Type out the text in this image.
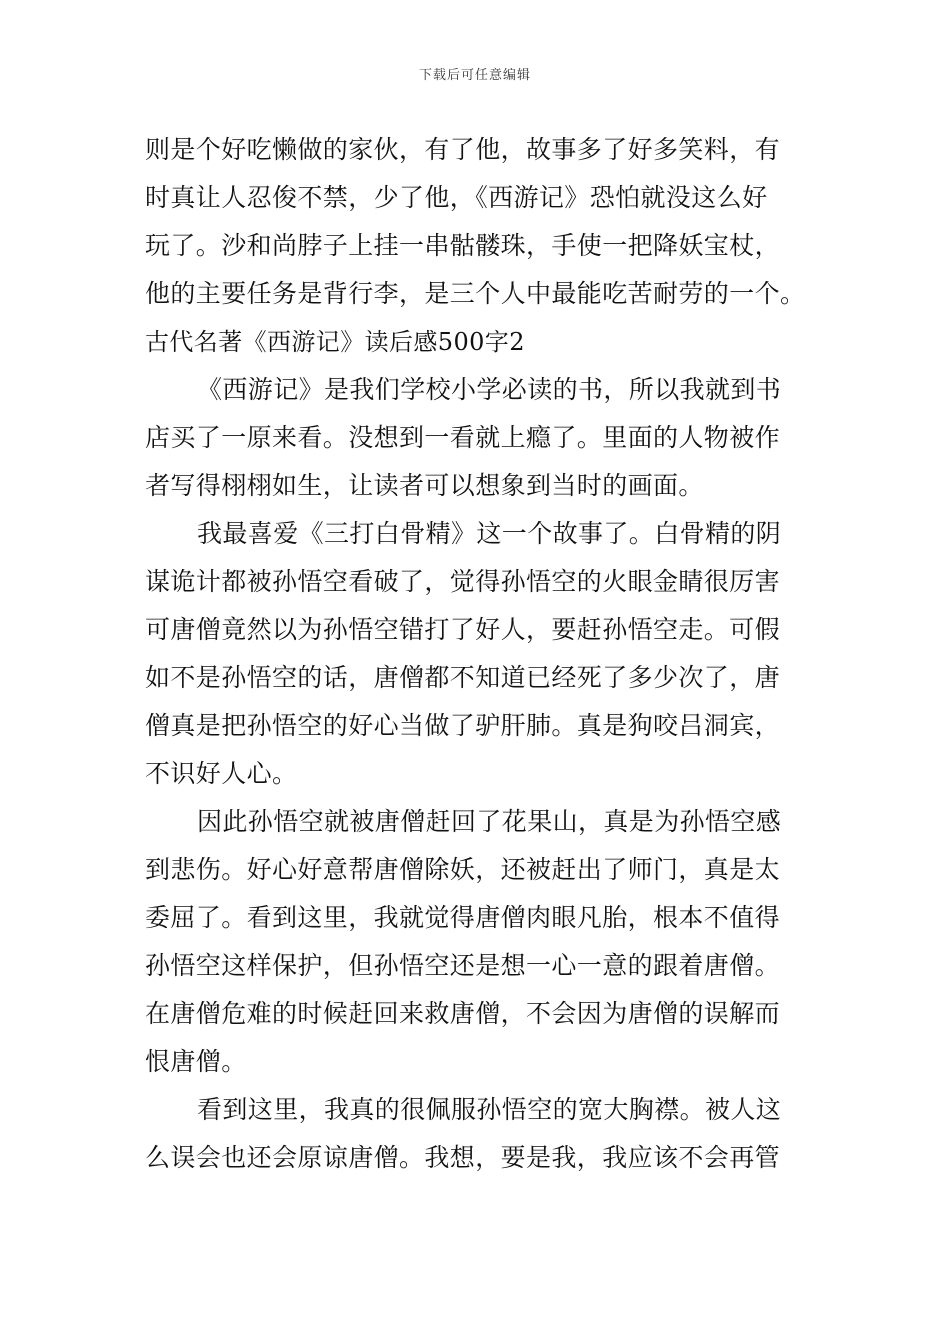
下载后可任意编辑
则是个好吃懒做的家伙，有了他，故事多了好多笑料，有
时真让人忍俊不禁，少了他，《西游记》恐怕就没这么好
玩了。沙和尚脖子上挂一串骷髅珠，手使一把降妖宝杖，
他的主要任务是背行李，是三个人中最能吃苦耐劳的一个。
古代名著《西游记》读后感500字2
《西游记》是我们学校小学必读的书，所以我就到书
店买了一原来看。没想到一看就上瘾了。里面的人物被作
者写得栩栩如生，让读者可以想象到当时的画面。
我最喜爱《三打白骨精》这一个故事了。白骨精的阴
谋诡计都被孙悟空看破了，觉得孙悟空的火眼金睛很厉害
可唐僧竟然以为孙悟空错打了好人，要赶孙悟空走。可假
如不是孙悟空的话，唐僧都不知道已经死了多少次了，唐
僧真是把孙悟空的好心当做了驴肝肺。真是狗咬吕洞宾，
不识好人心。
因此孙悟空就被唐僧赶回了花果山，真是为孙悟空感
到悲伤。好心好意帮唐僧除妖，还被赶出了师门，真是太
委屈了。看到这里，我就觉得唐僧肉眼凡胎，根本不值得
孙悟空这样保护，但孙悟空还是想一心一意的跟着唐僧。
在唐僧危难的时候赶回来救唐僧，不会因为唐僧的误解而
恨唐僧。
看到这里，我真的很佩服孙悟空的宽大胸襟。被人这
么误会也还会原谅唐僧。我想，要是我，我应该不会再管
